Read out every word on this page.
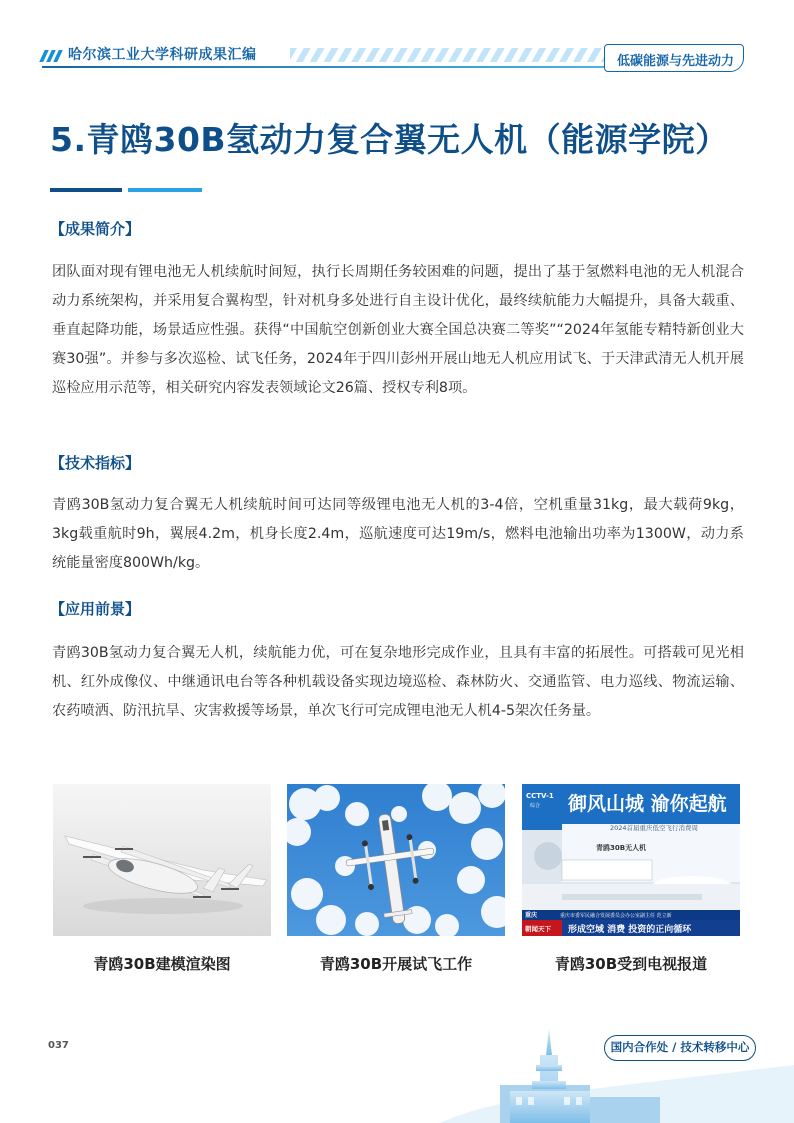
哈尔滨工业大学科研成果汇编	低碳能源与先进动力
5.青鸥30B氢动力复合翼无人机（能源学院）
【成果简介】

团队面对现有锂电池无人机续航时间短，执行长周期任务较困难的问题，提出了基于氢燃料电池的无人机混合动力系统架构，并采用复合翼构型，针对机身多处进行自主设计优化，最终续航能力大幅提升，具备大载重、垂直起降功能，场景适应性强。获得“中国航空创新创业大赛全国总决赛二等奖”“2024年氢能专精特新创业大赛30强”。并参与多次巡检、试飞任务，2024年于四川彭州开展山地无人机应用试飞、于天津武清无人机开展巡检应用示范等，相关研究内容发表领域论文26篇、授权专利8项。

【技术指标】

青鸥30B氢动力复合翼无人机续航时间可达同等级锂电池无人机的3-4倍，空机重量31kg，最大载荷9kg，3kg载重航时9h，翼展4.2m，机身长度2.4m，巡航速度可达19m/s，燃料电池输出功率为1300W，动力系统能量密度800Wh/kg。

【应用前景】

青鸥30B氢动力复合翼无人机，续航能力优，可在复杂地形完成作业，且具有丰富的拓展性。可搭载可见光相机、红外成像仪、中继通讯电台等各种机载设备实现边境巡检、森林防火、交通监管、电力巡线、物流运输、农药喷洒、防汛抗旱、灾害救援等场景，单次飞行可完成锂电池无人机4-5架次任务量。

青鸥30B建模渲染图	青鸥30B开展试飞工作
御风山城 渝你起航
CCTV-1
综合
2024首届重庆低空飞行消费周
青鸥30B无人机
重庆	重庆市委军民融合发展委员会办公室副主任 范立新
朝闻天下 形成空域 消费 投资的正向循环
青鸥30B受到电视报道
037	国内合作处 / 技术转移中心
